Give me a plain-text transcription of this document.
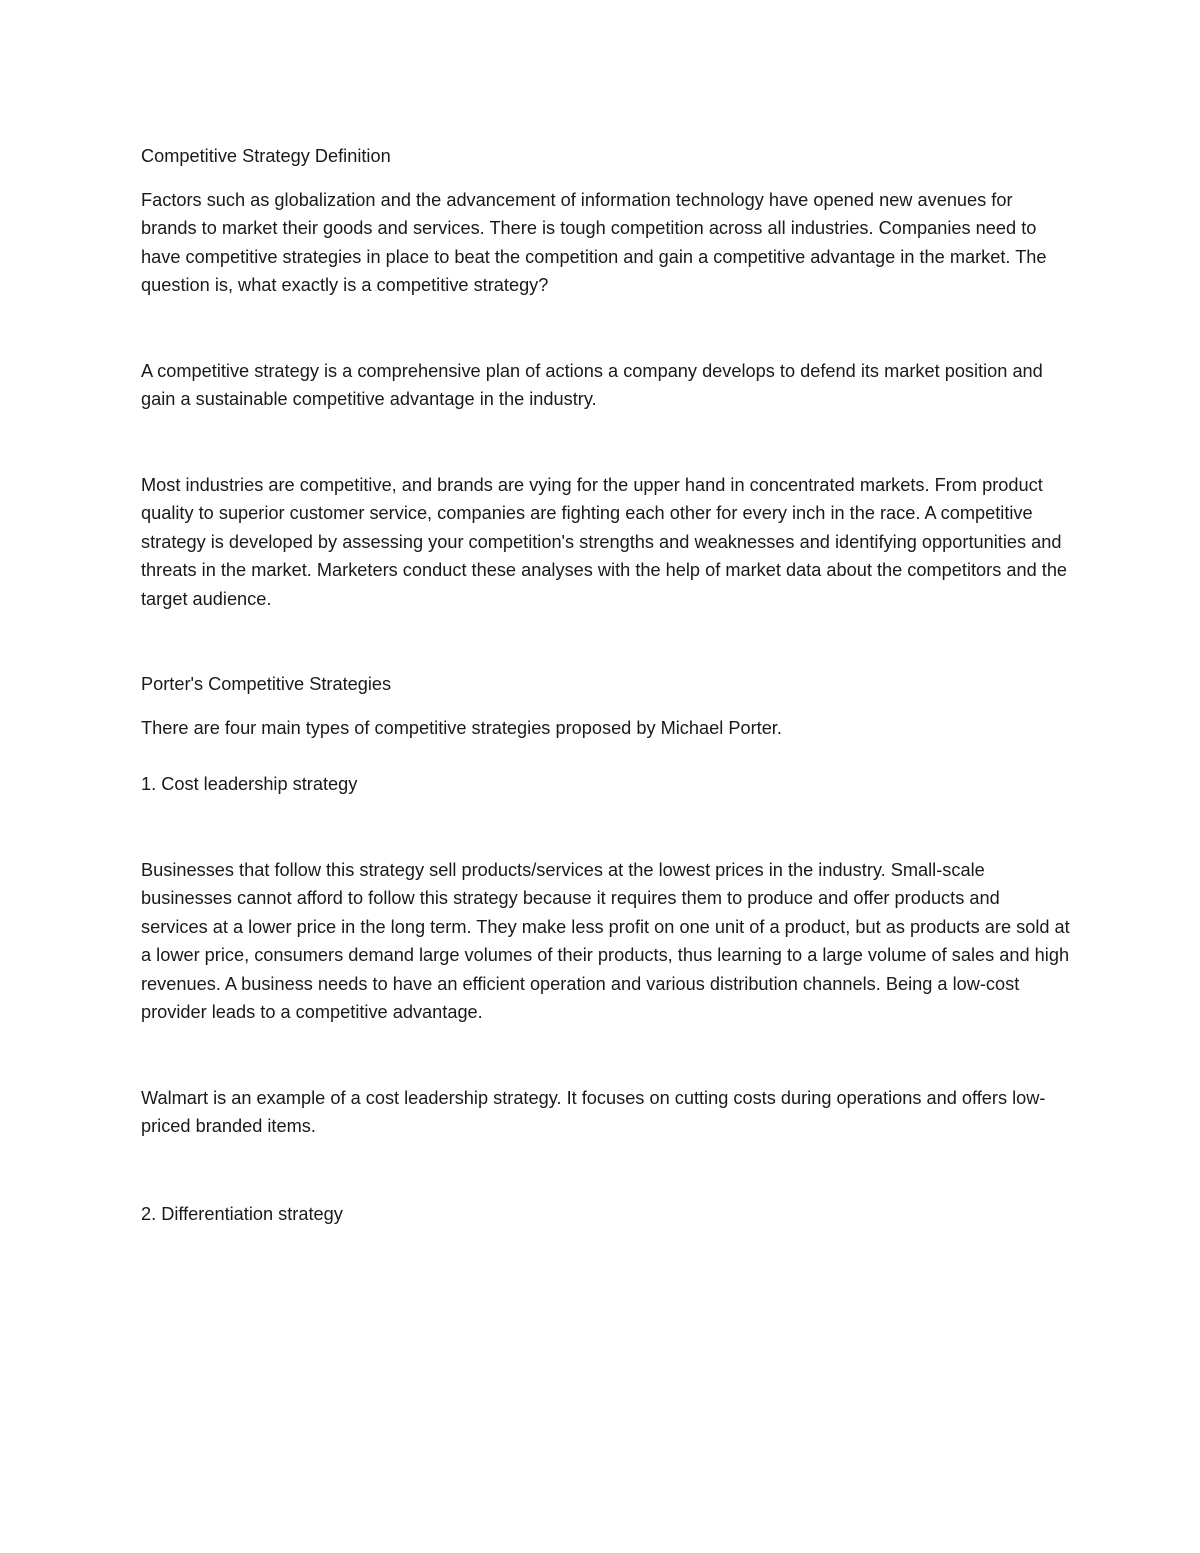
Competitive Strategy Definition

Factors such as globalization and the advancement of information technology have opened new avenues for brands to market their goods and services. There is tough competition across all industries. Companies need to have competitive strategies in place to beat the competition and gain a competitive advantage in the market. The question is, what exactly is a competitive strategy?

A competitive strategy is a comprehensive plan of actions a company develops to defend its market position and gain a sustainable competitive advantage in the industry.

Most industries are competitive, and brands are vying for the upper hand in concentrated markets. From product quality to superior customer service, companies are fighting each other for every inch in the race. A competitive strategy is developed by assessing your competition's strengths and weaknesses and identifying opportunities and threats in the market. Marketers conduct these analyses with the help of market data about the competitors and the target audience.

Porter's Competitive Strategies

There are four main types of competitive strategies proposed by Michael Porter.

1. Cost leadership strategy

Businesses that follow this strategy sell products/services at the lowest prices in the industry. Small-scale businesses cannot afford to follow this strategy because it requires them to produce and offer products and services at a lower price in the long term. They make less profit on one unit of a product, but as products are sold at a lower price, consumers demand large volumes of their products, thus learning to a large volume of sales and high revenues. A business needs to have an efficient operation and various distribution channels. Being a low-cost provider leads to a competitive advantage.

Walmart is an example of a cost leadership strategy. It focuses on cutting costs during operations and offers low-priced branded items.

2. Differentiation strategy
